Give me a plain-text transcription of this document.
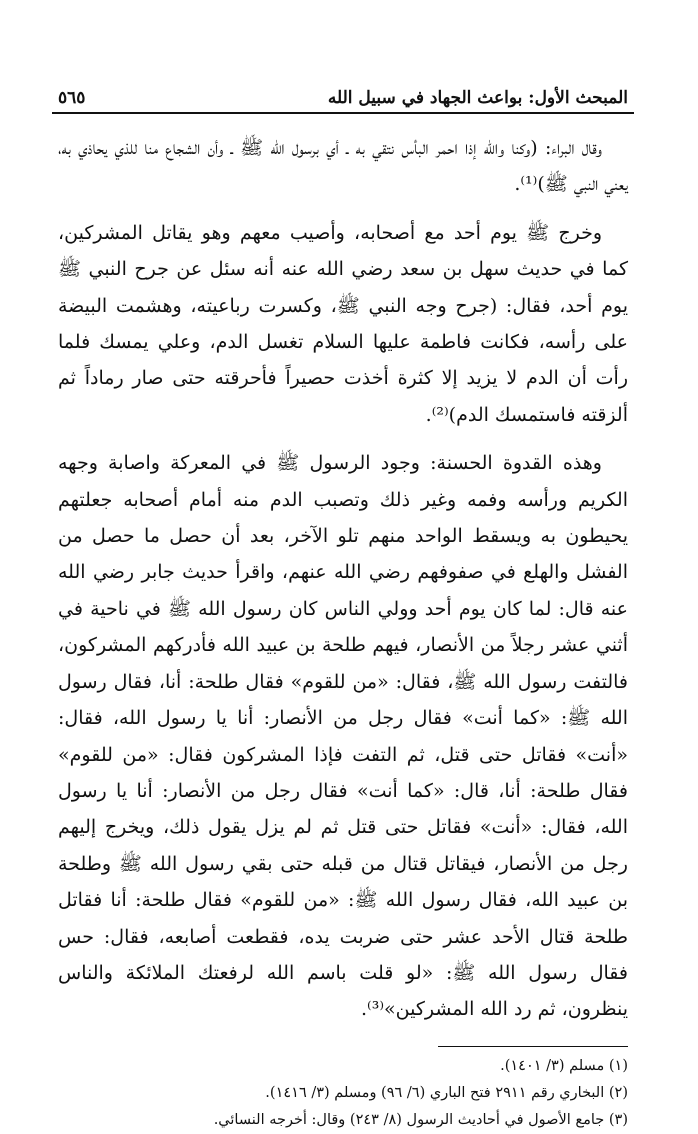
المبحث الأول: بواعث الجهاد في سبيل الله
٥٦٥

وقال البراء: (وكنا والله إذا احمر البأس نتقي به ـ أي برسول الله ﷺ ـ وأن الشجاع منا للذي يحاذي به، يعني النبي ﷺ)⁽¹⁾.

وخرج ﷺ يوم أحد مع أصحابه، وأصيب معهم وهو يقاتل المشركين، كما في حديث سهل بن سعد رضي الله عنه أنه سئل عن جرح النبي ﷺ يوم أحد، فقال: (جرح وجه النبي ﷺ، وكسرت رباعيته، وهشمت البيضة على رأسه، فكانت فاطمة عليها السلام تغسل الدم، وعلي يمسك فلما رأت أن الدم لا يزيد إلا كثرة أخذت حصيراً فأحرقته حتى صار رماداً ثم ألزقته فاستمسك الدم)⁽²⁾.

وهذه القدوة الحسنة: وجود الرسول ﷺ في المعركة واصابة وجهه الكريم ورأسه وفمه وغير ذلك وتصبب الدم منه أمام أصحابه جعلتهم يحيطون به ويسقط الواحد منهم تلو الآخر، بعد أن حصل ما حصل من الفشل والهلع في صفوفهم رضي الله عنهم، واقرأ حديث جابر رضي الله عنه قال: لما كان يوم أحد وولي الناس كان رسول الله ﷺ في ناحية في أثني عشر رجلاً من الأنصار، فيهم طلحة بن عبيد الله فأدركهم المشركون، فالتفت رسول الله ﷺ، فقال: «من للقوم» فقال طلحة: أنا، فقال رسول الله ﷺ: «كما أنت» فقال رجل من الأنصار: أنا يا رسول الله، فقال: «أنت» فقاتل حتى قتل، ثم التفت فإذا المشركون فقال: «من للقوم» فقال طلحة: أنا، قال: «كما أنت» فقال رجل من الأنصار: أنا يا رسول الله، فقال: «أنت» فقاتل حتى قتل ثم لم يزل يقول ذلك، ويخرج إليهم رجل من الأنصار، فيقاتل قتال من قبله حتى بقي رسول الله ﷺ وطلحة بن عبيد الله، فقال رسول الله ﷺ: «من للقوم» فقال طلحة: أنا فقاتل طلحة قتال الأحد عشر حتى ضربت يده، فقطعت أصابعه، فقال: حس فقال رسول الله ﷺ: «لو قلت باسم الله لرفعتك الملائكة والناس ينظرون، ثم رد الله المشركين»⁽³⁾.

(١) مسلم (٣/ ١٤٠١).
(٢) البخاري رقم ٢٩١١ فتح الباري (٦/ ٩٦) ومسلم (٣/ ١٤١٦).
(٣) جامع الأصول في أحاديث الرسول (٨/ ٢٤٣) وقال: أخرجه النسائي.
